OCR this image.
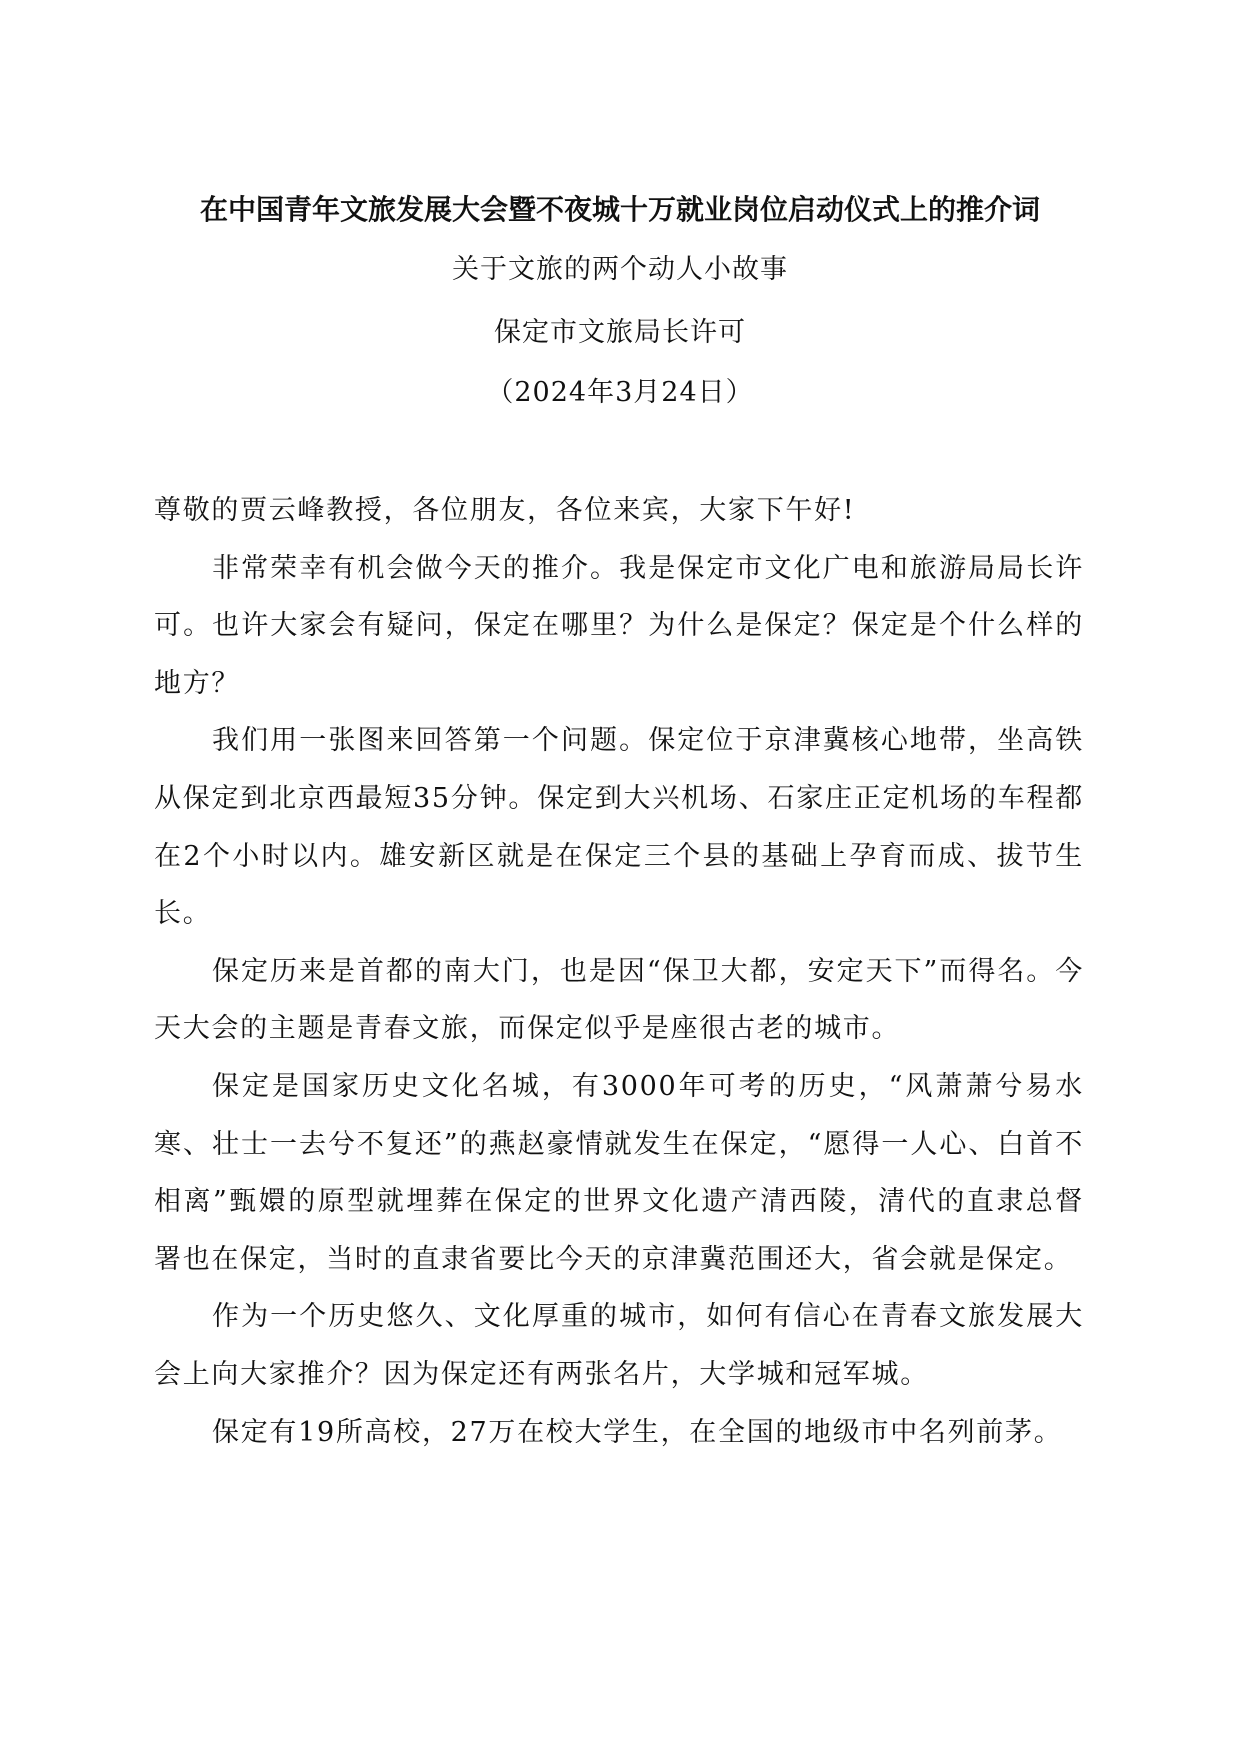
在中国青年文旅发展大会暨不夜城十万就业岗位启动仪式上的推介词
关于文旅的两个动人小故事
保定市文旅局长许可
（2024年3月24日）

尊敬的贾云峰教授，各位朋友，各位来宾，大家下午好!

非常荣幸有机会做今天的推介。我是保定市文化广电和旅游局局长许可。也许大家会有疑问，保定在哪里？为什么是保定？保定是个什么样的地方？

我们用一张图来回答第一个问题。保定位于京津冀核心地带，坐高铁从保定到北京西最短35分钟。保定到大兴机场、石家庄正定机场的车程都在2个小时以内。雄安新区就是在保定三个县的基础上孕育而成、拔节生长。

保定历来是首都的南大门，也是因“保卫大都，安定天下”而得名。今天大会的主题是青春文旅，而保定似乎是座很古老的城市。

保定是国家历史文化名城，有3000年可考的历史，“风萧萧兮易水寒、壮士一去兮不复还”的燕赵豪情就发生在保定，“愿得一人心、白首不相离”甄嬛的原型就埋葬在保定的世界文化遗产清西陵，清代的直隶总督署也在保定，当时的直隶省要比今天的京津冀范围还大，省会就是保定。

作为一个历史悠久、文化厚重的城市，如何有信心在青春文旅发展大会上向大家推介？因为保定还有两张名片，大学城和冠军城。

保定有19所高校，27万在校大学生，在全国的地级市中名列前茅。
